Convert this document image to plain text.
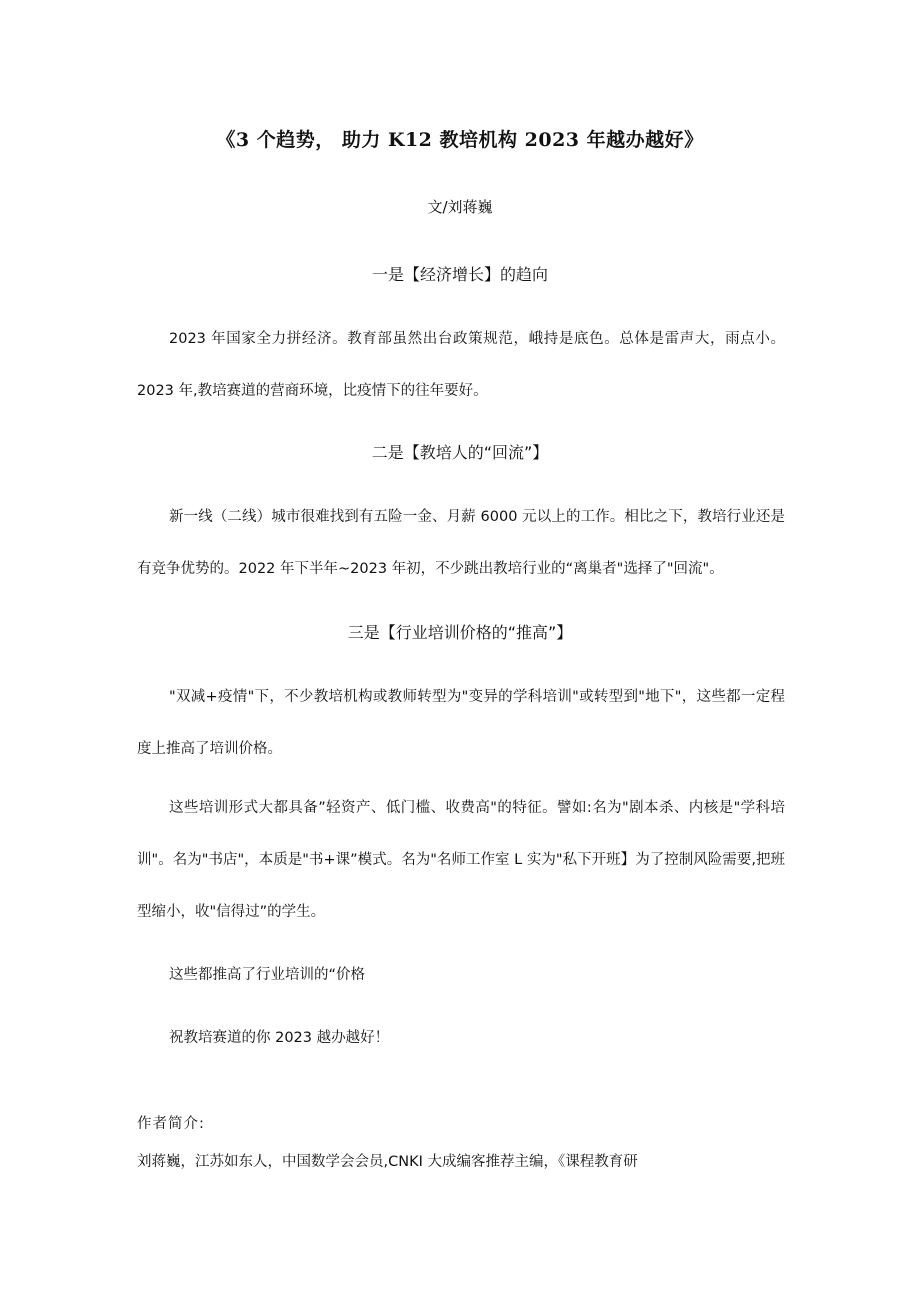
《3 个趋势， 助力 K12 教培机构 2023 年越办越好》
文/刘蒋巍
一是【经济增长】的趋向
2023 年国家全力拼经济。教育部虽然出台政策规范，峨持是底色。总体是雷声大，雨点小。2023 年,教培赛道的营商环境，比疫情下的往年要好。
二是【教培人的“回流”】
新一线（二线）城市很难找到有五险一金、月薪 6000 元以上的工作。相比之下，教培行业还是有竞争优势的。2022 年下半年~2023 年初，不少跳出教培行业的“离巢者"选择了"回流"。
三是【行业培训价格的“推高”】
"双减+疫情"下，不少教培机构或教师转型为"变异的学科培训"或转型到"地下"，这些都一定程度上推高了培训价格。
这些培训形式大都具备”轻资产、低门槛、收费高"的特征。譬如:名为"剧本杀、内核是"学科培训"。名为"书店"，本质是"书+课”模式。名为"名师工作室 L 实为"私下开班】为了控制风险需要,把班型缩小，收"信得过”的学生。
这些都推高了行业培训的“价格
祝教培赛道的你 2023 越办越好！
作者简介:
刘蒋巍，江苏如东人，中国数学会会员,CNKI 大成编客推荐主编，《课程教育研
